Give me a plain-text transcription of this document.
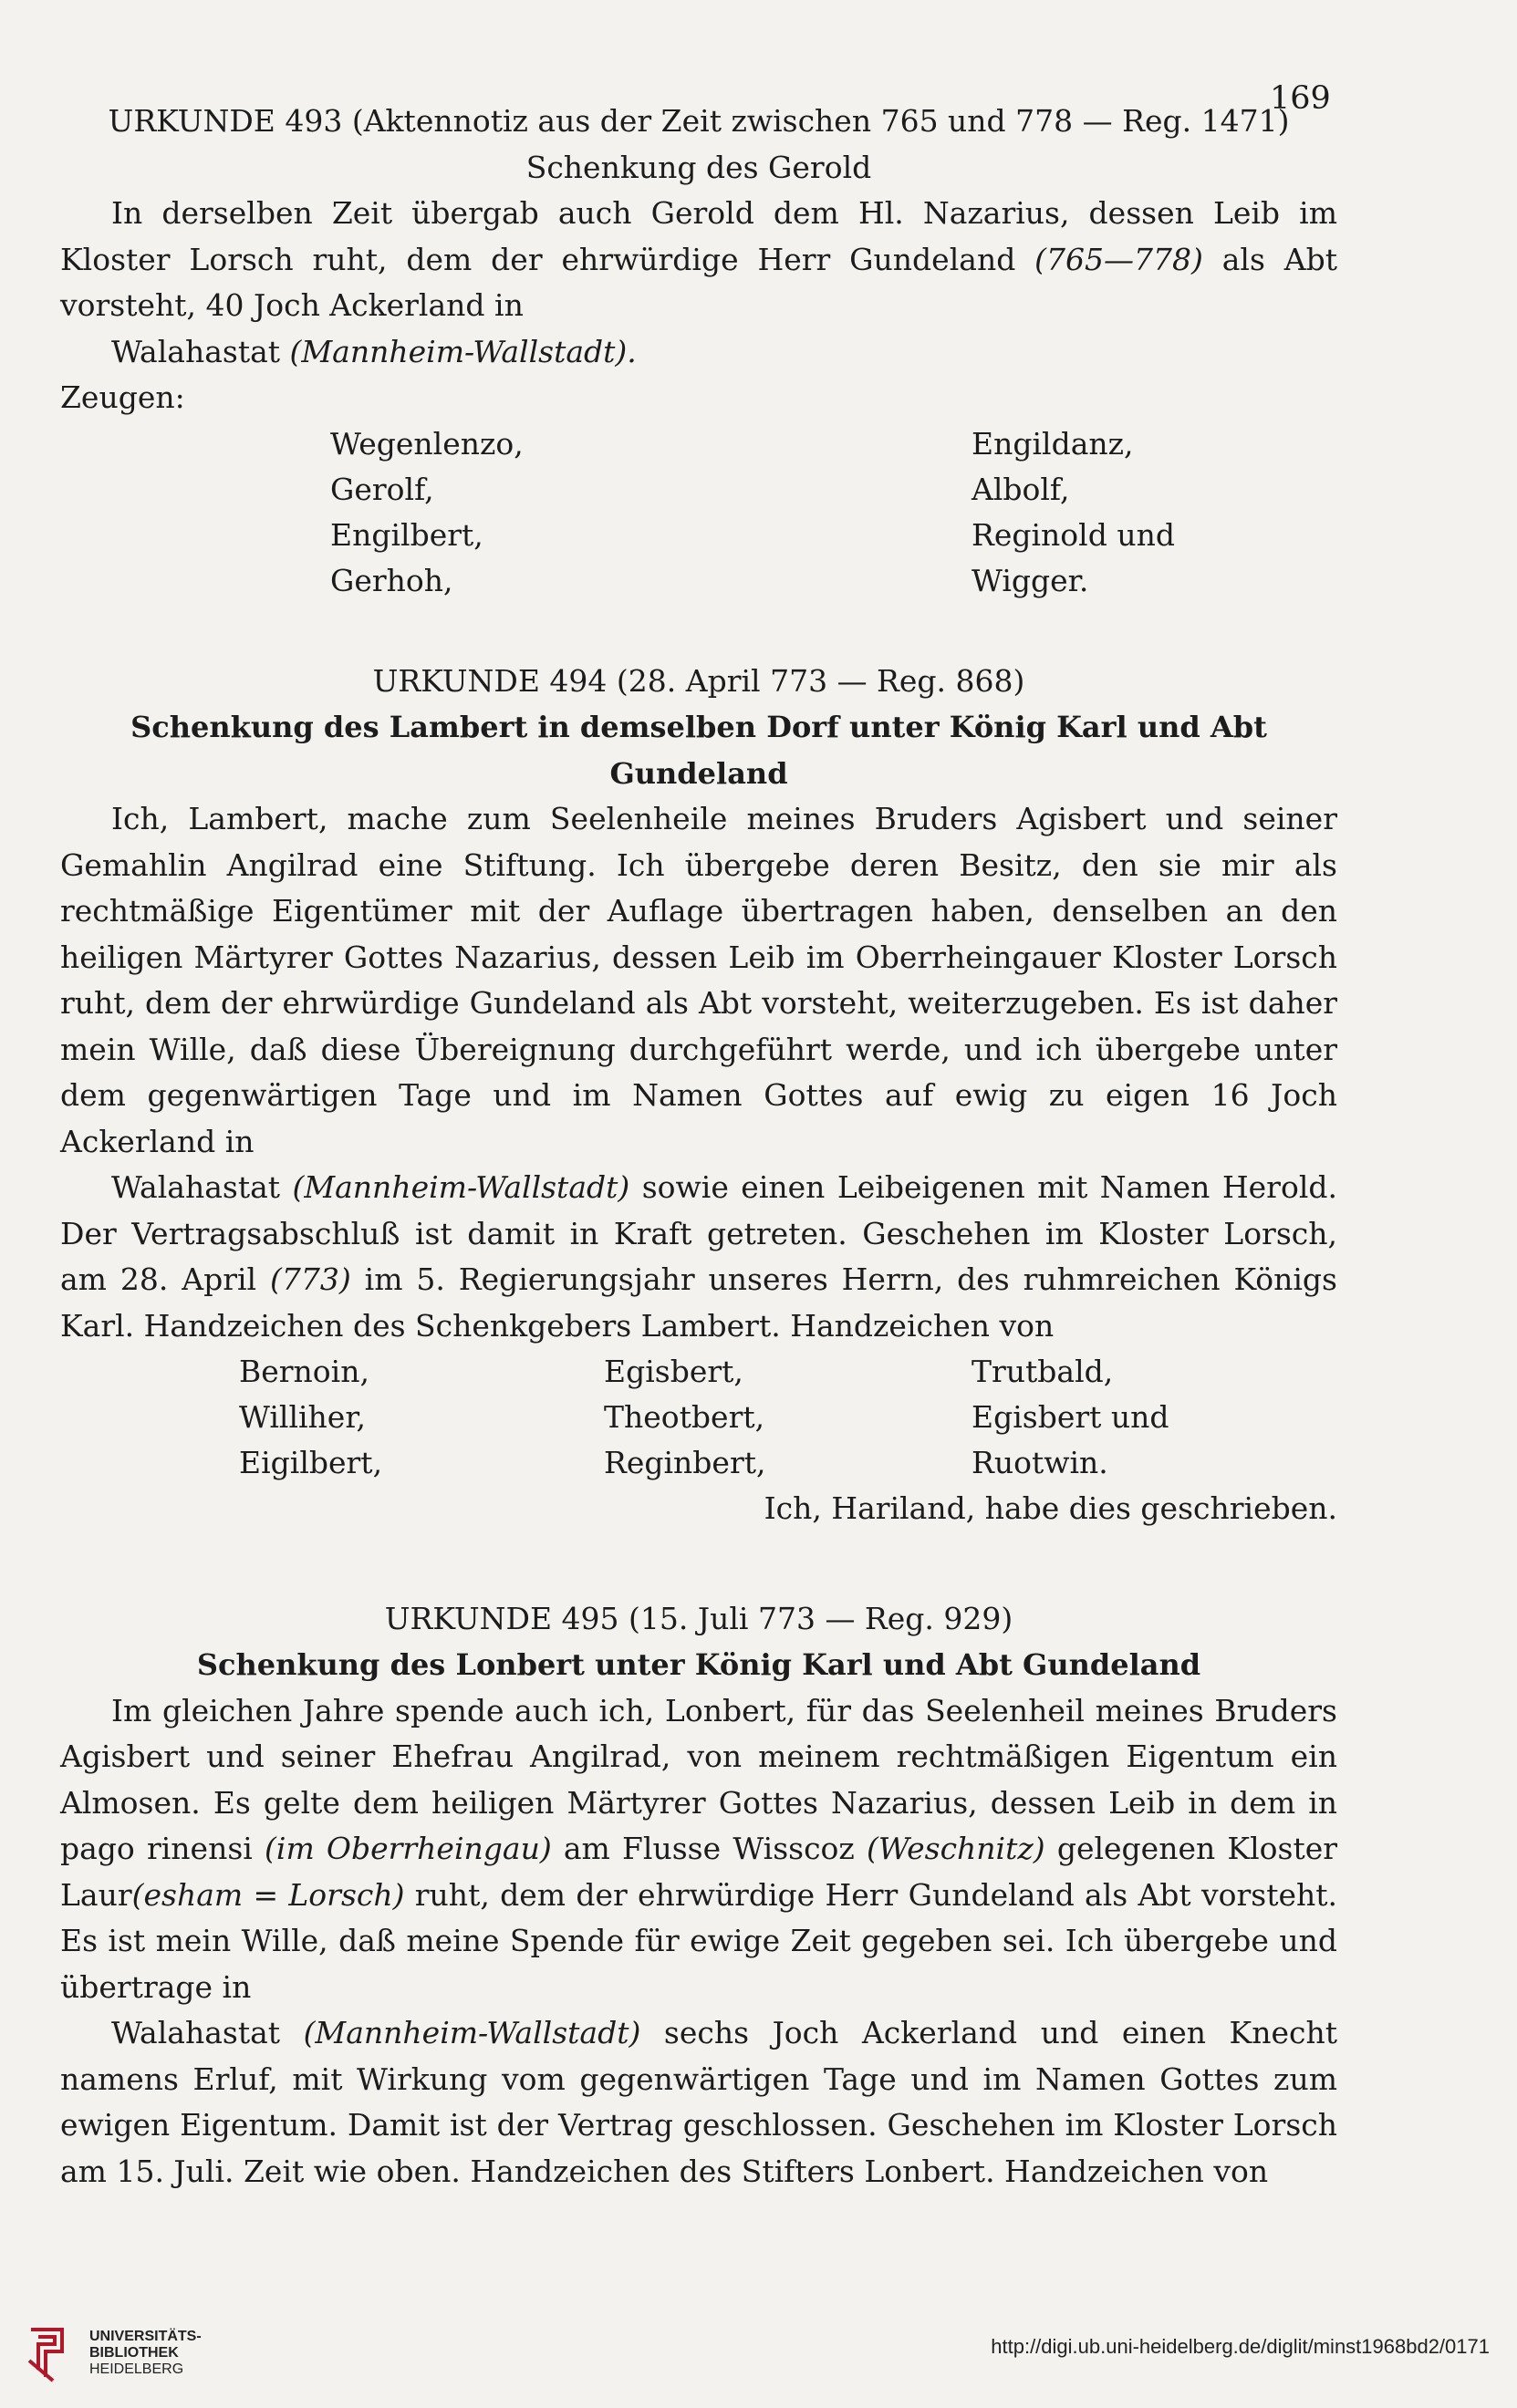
169

URKUNDE 493 (Aktennotiz aus der Zeit zwischen 765 und 778 — Reg. 1471)

Schenkung des Gerold

In derselben Zeit übergab auch Gerold dem Hl. Nazarius, dessen Leib im Kloster Lorsch ruht, dem der ehrwürdige Herr Gundeland (765—778) als Abt vorsteht, 40 Joch Ackerland in

Walahastat (Mannheim-Wallstadt).

Zeugen:

Wegenlenzo,	Engildanz,
Gerolf,	Albolf,
Engilbert,	Reginold und
Gerhoh,	Wigger.

URKUNDE 494 (28. April 773 — Reg. 868)

Schenkung des Lambert in demselben Dorf unter König Karl und Abt Gundeland

Ich, Lambert, mache zum Seelenheile meines Bruders Agisbert und seiner Gemahlin Angilrad eine Stiftung. Ich übergebe deren Besitz, den sie mir als rechtmäßige Eigentümer mit der Auflage übertragen haben, denselben an den heiligen Märtyrer Gottes Nazarius, dessen Leib im Oberrheingauer Kloster Lorsch ruht, dem der ehrwürdige Gundeland als Abt vorsteht, weiterzugeben. Es ist daher mein Wille, daß diese Übereignung durchgeführt werde, und ich übergebe unter dem gegenwärtigen Tage und im Namen Gottes auf ewig zu eigen 16 Joch Ackerland in

Walahastat (Mannheim-Wallstadt) sowie einen Leibeigenen mit Namen Herold. Der Vertragsabschluß ist damit in Kraft getreten. Geschehen im Kloster Lorsch, am 28. April (773) im 5. Regierungsjahr unseres Herrn, des ruhmreichen Königs Karl. Handzeichen des Schenkgebers Lambert. Handzeichen von

Bernoin,	Egisbert,	Trutbald,
Williher,	Theotbert,	Egisbert und
Eigilbert,	Reginbert,	Ruotwin.

Ich, Hariland, habe dies geschrieben.

URKUNDE 495 (15. Juli 773 — Reg. 929)

Schenkung des Lonbert unter König Karl und Abt Gundeland

Im gleichen Jahre spende auch ich, Lonbert, für das Seelenheil meines Bruders Agisbert und seiner Ehefrau Angilrad, von meinem rechtmäßigen Eigentum ein Almosen. Es gelte dem heiligen Märtyrer Gottes Nazarius, dessen Leib in dem in pago rinensi (im Oberrheingau) am Flusse Wisscoz (Weschnitz) gelegenen Kloster Laur(esham = Lorsch) ruht, dem der ehrwürdige Herr Gundeland als Abt vorsteht. Es ist mein Wille, daß meine Spende für ewige Zeit gegeben sei. Ich übergebe und übertrage in

Walahastat (Mannheim-Wallstadt) sechs Joch Ackerland und einen Knecht namens Erluf, mit Wirkung vom gegenwärtigen Tage und im Namen Gottes zum ewigen Eigentum. Damit ist der Vertrag geschlossen. Geschehen im Kloster Lorsch am 15. Juli. Zeit wie oben. Handzeichen des Stifters Lonbert. Handzeichen von

UNIVERSITÄTS-
BIBLIOTHEK
HEIDELBERG
http://digi.ub.uni-heidelberg.de/diglit/minst1968bd2/0171
